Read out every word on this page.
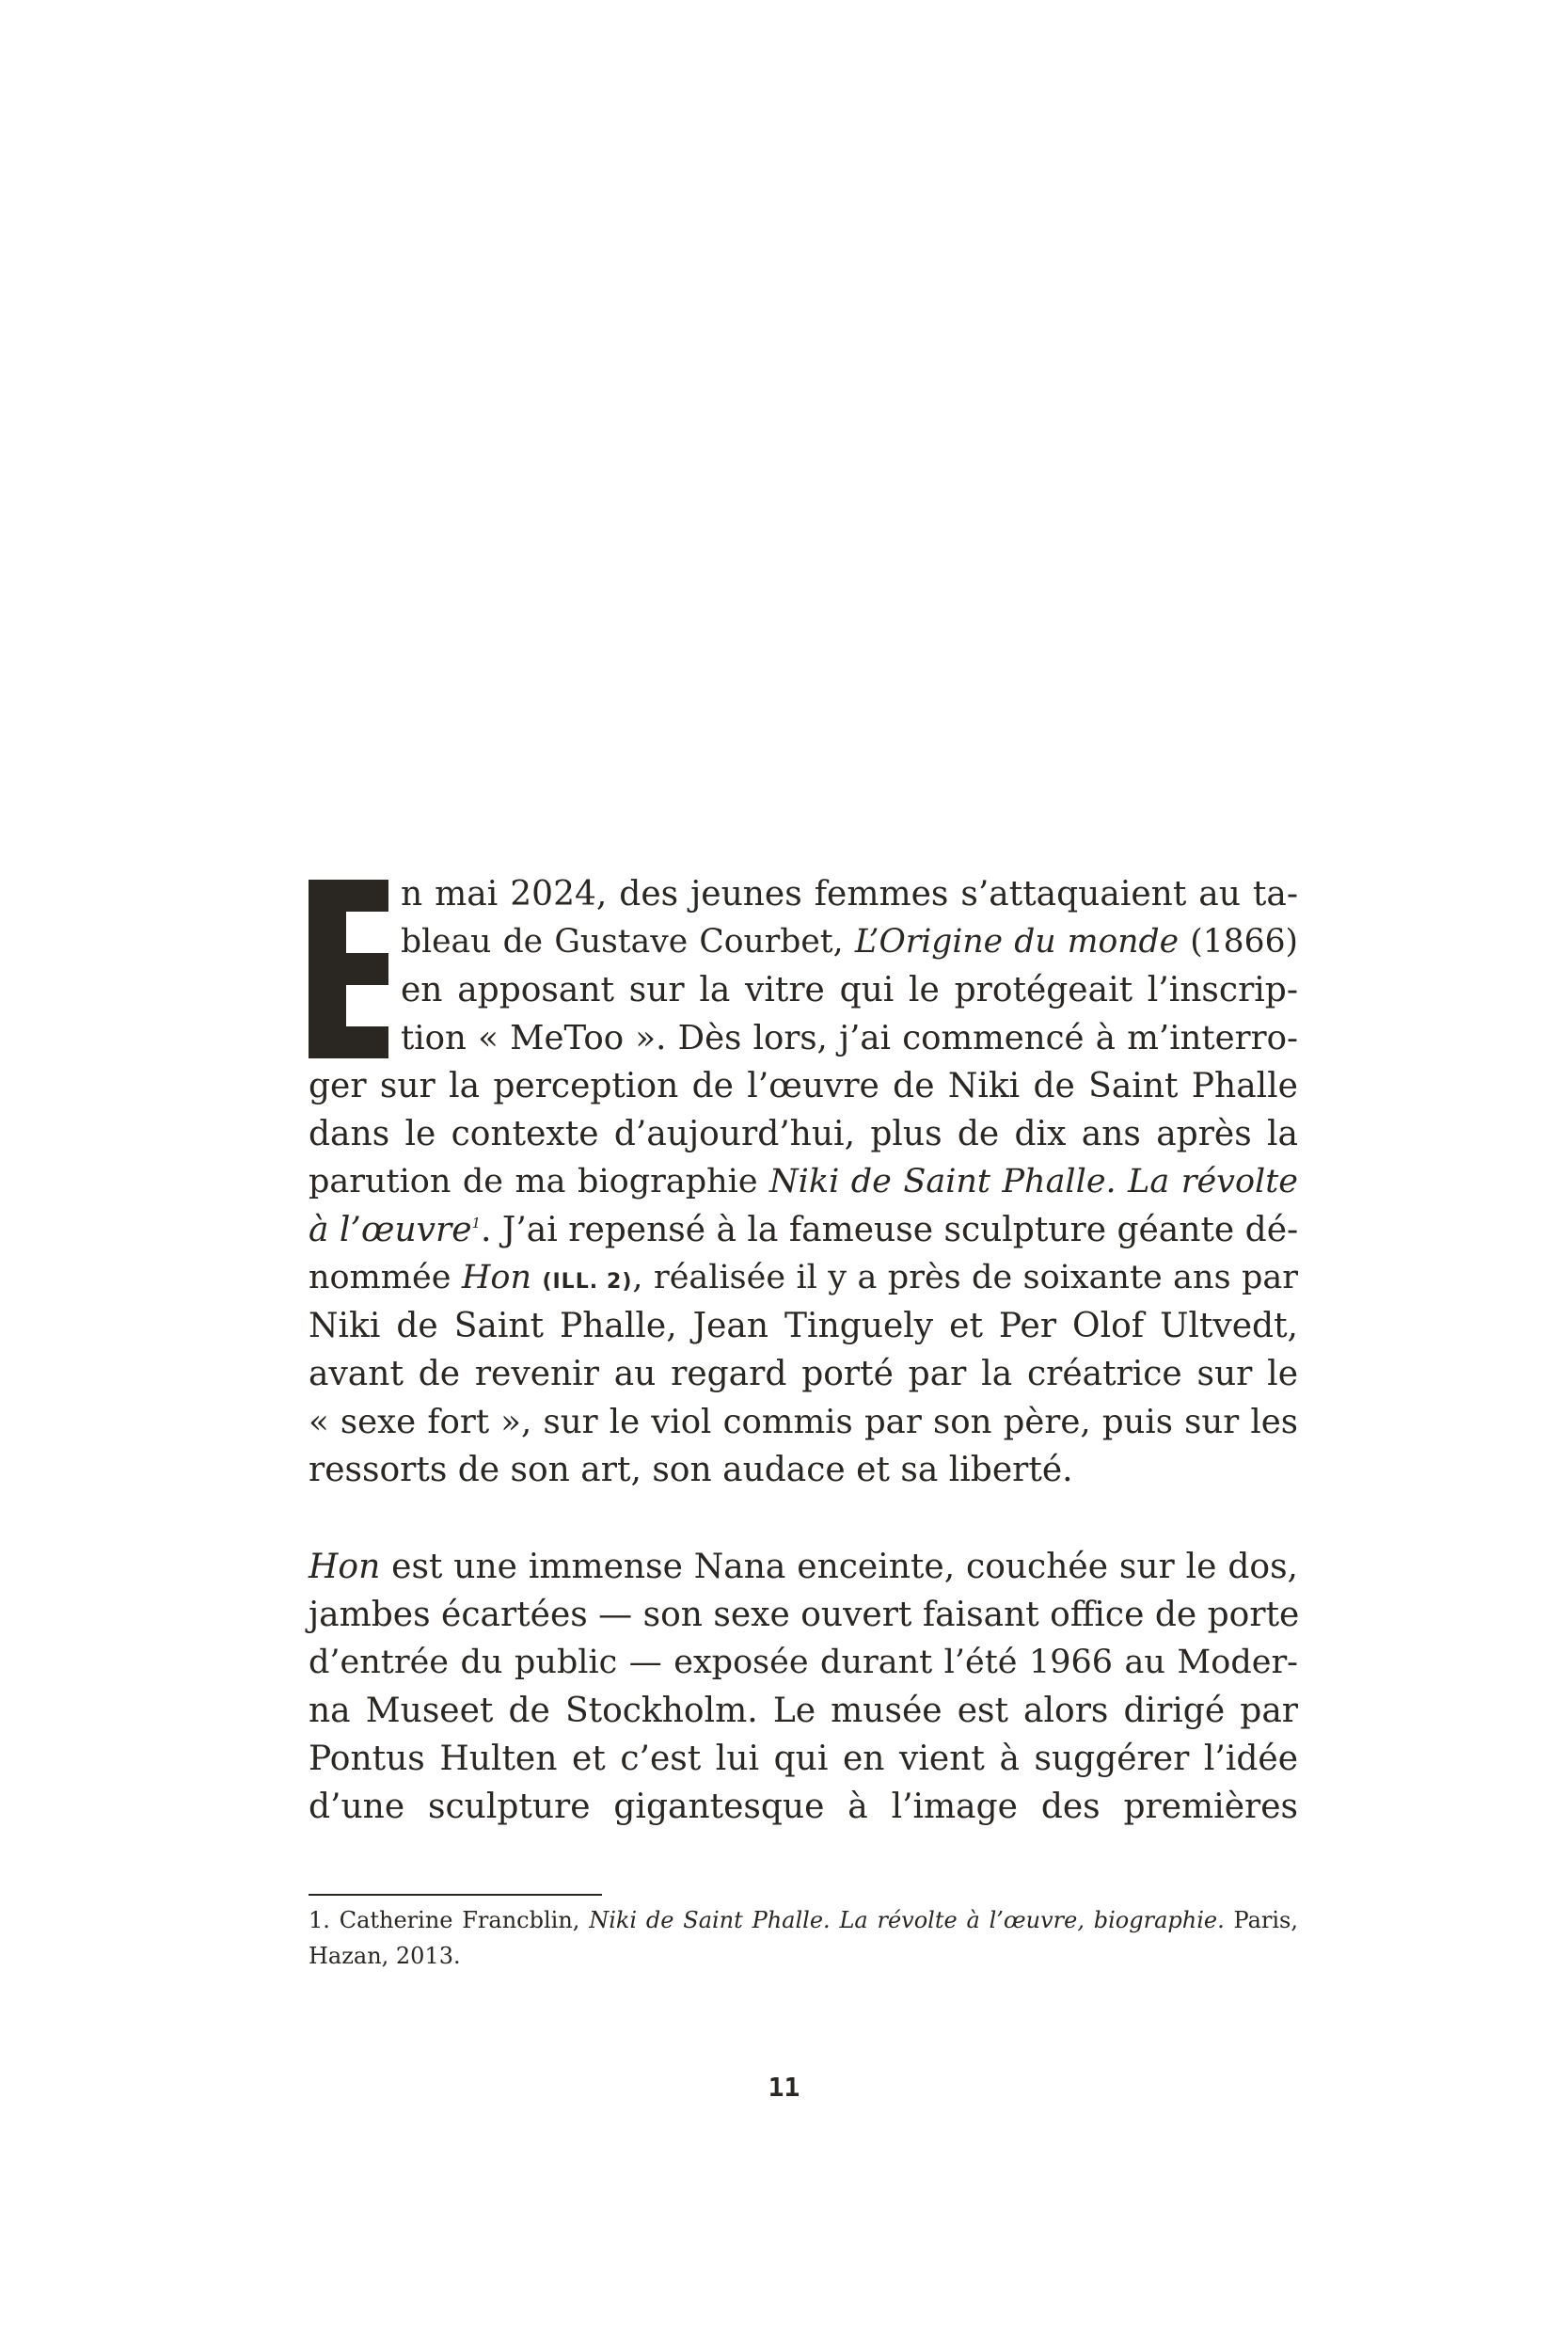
n mai 2024, des jeunes femmes s’attaquaient au ta-
bleau de Gustave Courbet, L’Origine du monde (1866)
en apposant sur la vitre qui le protégeait l’inscrip-
tion « MeToo ». Dès lors, j’ai commencé à m’interro-
ger sur la perception de l’œuvre de Niki de Saint Phalle
dans le contexte d’aujourd’hui, plus de dix ans après la
parution de ma biographie Niki de Saint Phalle. La révolte
à l’œuvre$^1$. J’ai repensé à la fameuse sculpture géante dé-
nommée Hon (ILL. 2), réalisée il y a près de soixante ans par
Niki de Saint Phalle, Jean Tinguely et Per Olof Ultvedt,
avant de revenir au regard porté par la créatrice sur le
« sexe fort », sur le viol commis par son père, puis sur les
ressorts de son art, son audace et sa liberté.
Hon est une immense Nana enceinte, couchée sur le dos,
jambes écartées — son sexe ouvert faisant office de porte
d’entrée du public — exposée durant l’été 1966 au Moder-
na Museet de Stockholm. Le musée est alors dirigé par
Pontus Hulten et c’est lui qui en vient à suggérer l’idée
d’une sculpture gigantesque à l’image des premières
1. Catherine Francblin, Niki de Saint Phalle. La révolte à l’œuvre, biographie. Paris,
Hazan, 2013.
11
